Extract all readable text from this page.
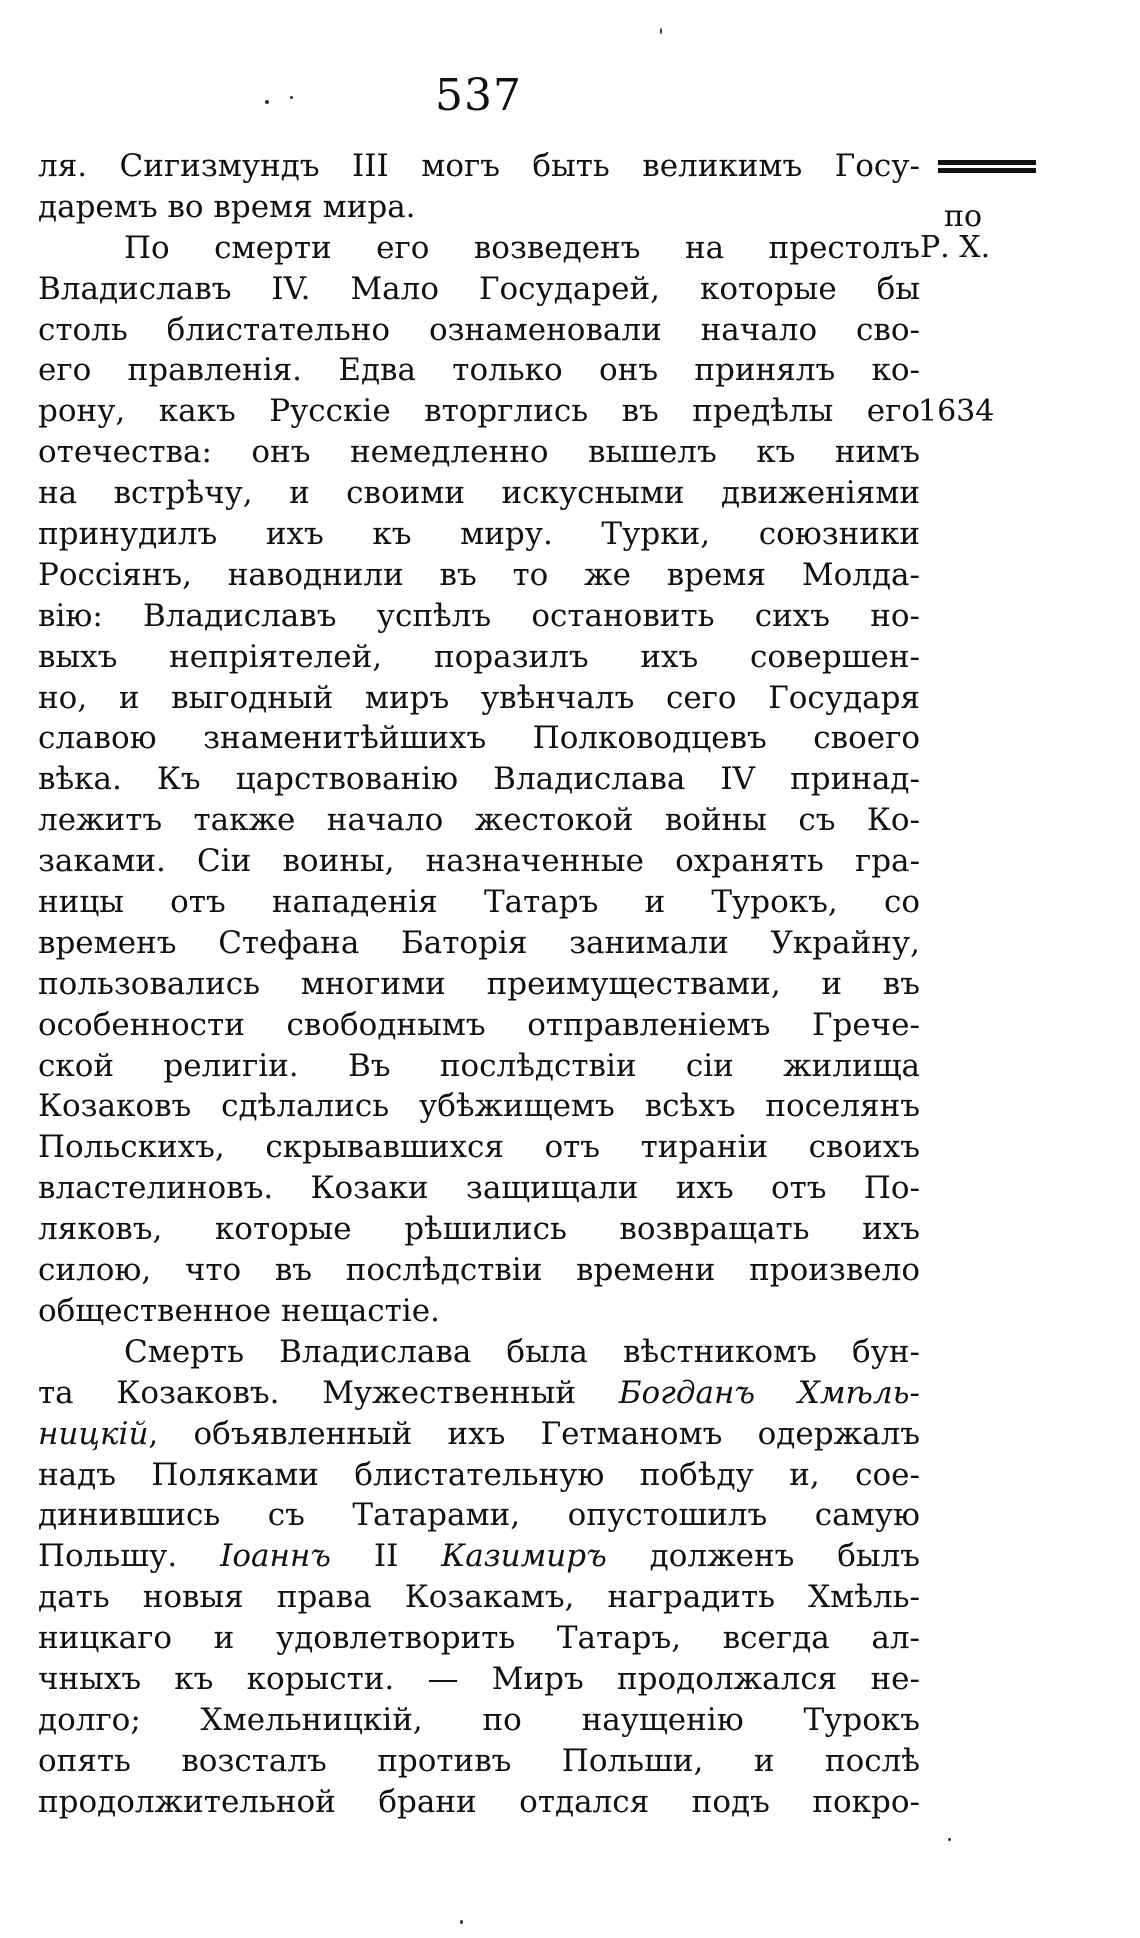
537
по
Р. Х.
1634
ля. Сигизмундъ III могъ быть великимъ Госу-
даремъ во время мира.
По смерти его возведенъ на престолъ
Владиславъ IV. Мало Государей, которые бы
столь блистательно ознаменовали начало сво-
его правленія. Едва только онъ принялъ ко-
рону, какъ Русскіе вторглись въ предѣлы его
отечества: онъ немедленно вышелъ къ нимъ
на встрѣчу, и своими искусными движеніями
принудилъ ихъ къ миру. Турки, союзники
Россіянъ, наводнили въ то же время Молда-
вію: Владиславъ успѣлъ остановить сихъ но-
выхъ непріятелей, поразилъ ихъ совершен-
но, и выгодный миръ увѣнчалъ сего Государя
славою знаменитѣйшихъ Полководцевъ своего
вѣка. Къ царствованію Владислава IV принад-
лежитъ также начало жестокой войны съ Ко-
заками. Сіи воины, назначенные охранять гра-
ницы отъ нападенія Татаръ и Турокъ, со
временъ Стефана Баторія занимали Украйну,
пользовались многими преимуществами, и въ
особенности свободнымъ отправленіемъ Грече-
ской религіи. Въ послѣдствіи сіи жилища
Козаковъ сдѣлались убѣжищемъ всѣхъ поселянъ
Польскихъ, скрывавшихся отъ тираніи своихъ
властелиновъ. Козаки защищали ихъ отъ По-
ляковъ, которые рѣшились возвращать ихъ
силою, что въ послѣдствіи времени произвело
общественное нещастіе.
Смерть Владислава была вѣстникомъ бун-
та Козаковъ. Мужественный Богданъ Хмѣль-
ницкій, объявленный ихъ Гетманомъ одержалъ
надъ Поляками блистательную побѣду и, сое-
динившись съ Татарами, опустошилъ самую
Польшу. Іоаннъ II Казимиръ долженъ былъ
дать новыя права Козакамъ, наградить Хмѣль-
ницкаго и удовлетворить Татаръ, всегда ал-
чныхъ къ корысти. — Миръ продолжался не-
долго; Хмельницкій, по наущенію Турокъ
опять возсталъ противъ Польши, и послѣ
продолжительной брани отдался подъ покро-
